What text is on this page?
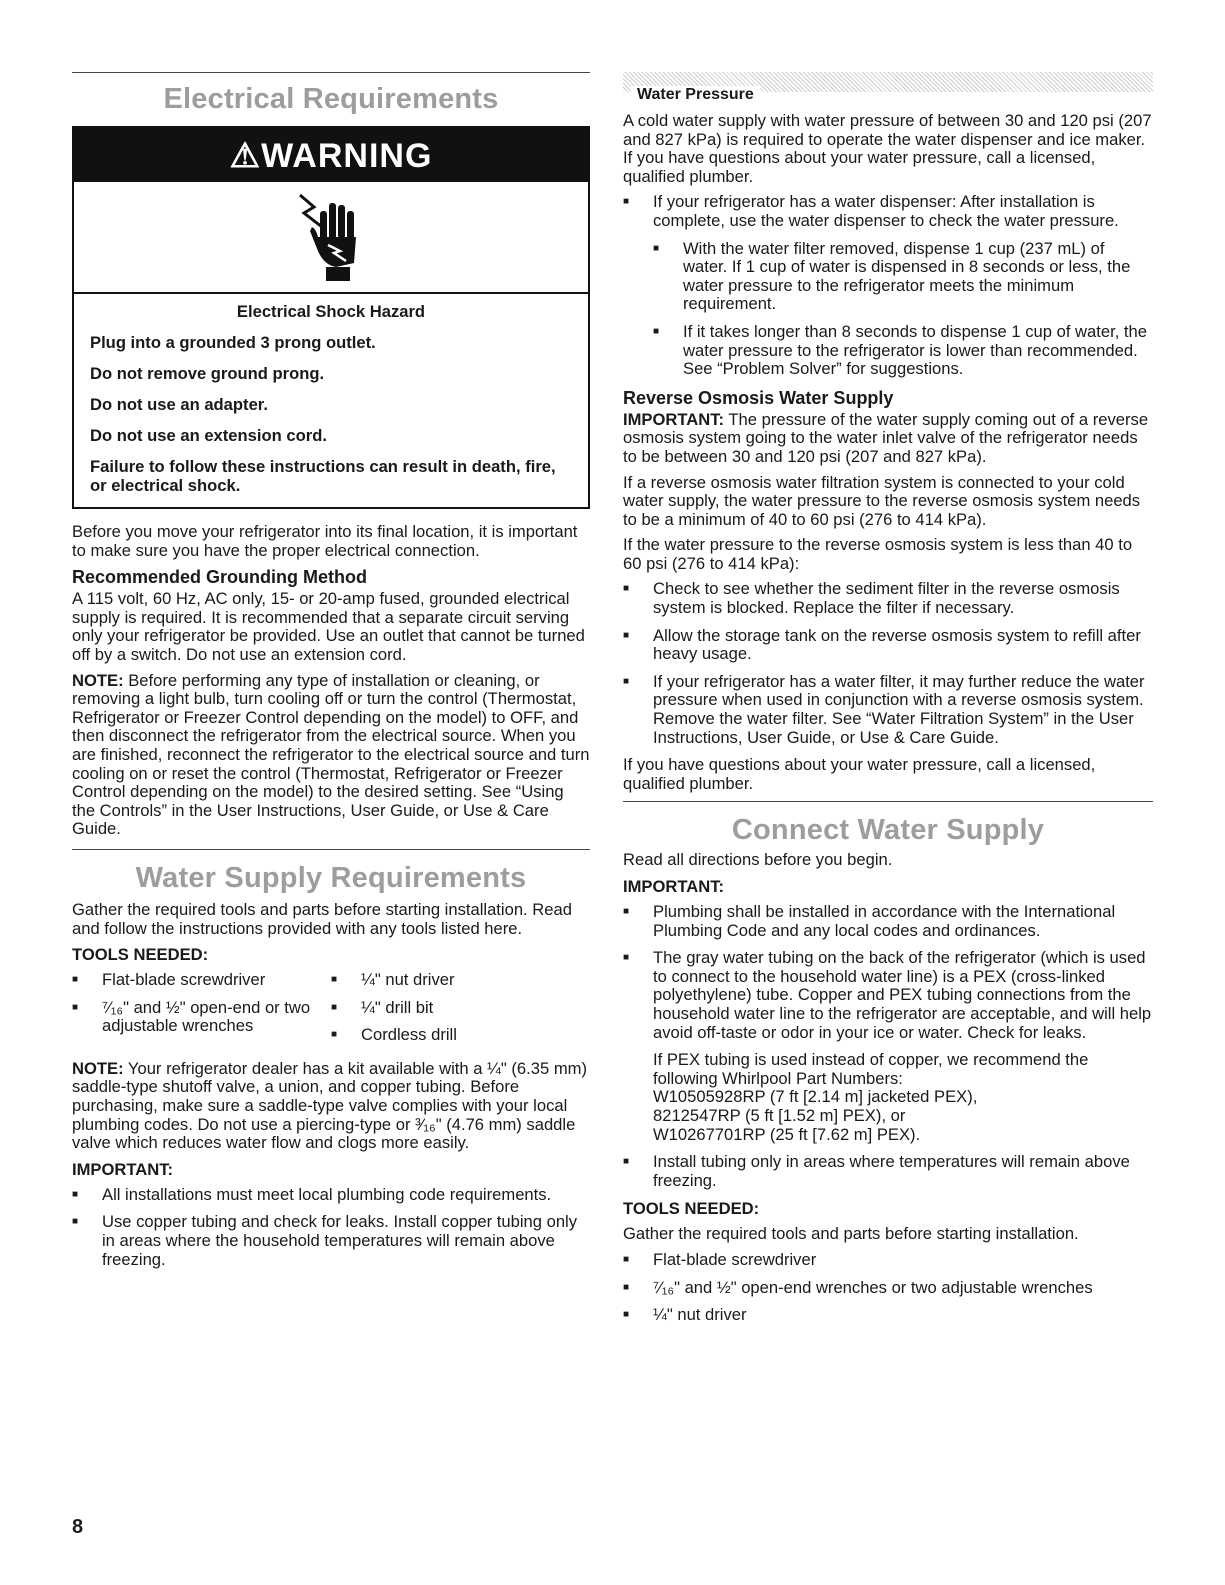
Electrical Requirements
⚠WARNING

Electrical Shock Hazard

Plug into a grounded 3 prong outlet.

Do not remove ground prong.

Do not use an adapter.

Do not use an extension cord.

Failure to follow these instructions can result in death, fire, or electrical shock.

Before you move your refrigerator into its final location, it is important to make sure you have the proper electrical connection.

Recommended Grounding Method

A 115 volt, 60 Hz, AC only, 15- or 20-amp fused, grounded electrical supply is required. It is recommended that a separate circuit serving only your refrigerator be provided. Use an outlet that cannot be turned off by a switch. Do not use an extension cord.

NOTE: Before performing any type of installation or cleaning, or removing a light bulb, turn cooling off or turn the control (Thermostat, Refrigerator or Freezer Control depending on the model) to OFF, and then disconnect the refrigerator from the electrical source. When you are finished, reconnect the refrigerator to the electrical source and turn cooling on or reset the control (Thermostat, Refrigerator or Freezer Control depending on the model) to the desired setting. See “Using the Controls” in the User Instructions, User Guide, or Use & Care Guide.

Water Supply Requirements

Gather the required tools and parts before starting installation. Read and follow the instructions provided with any tools listed here.

TOOLS NEEDED:
■ Flat-blade screwdriver
■ ⁷⁄₁₆" and ½" open-end or two adjustable wrenches
■ ¼" nut driver
■ ¼" drill bit
■ Cordless drill

NOTE: Your refrigerator dealer has a kit available with a ¼" (6.35 mm) saddle-type shutoff valve, a union, and copper tubing. Before purchasing, make sure a saddle-type valve complies with your local plumbing codes. Do not use a piercing-type or ³⁄₁₆" (4.76 mm) saddle valve which reduces water flow and clogs more easily.

IMPORTANT:
■ All installations must meet local plumbing code requirements.
■ Use copper tubing and check for leaks. Install copper tubing only in areas where the household temperatures will remain above freezing.
Water Pressure

A cold water supply with water pressure of between 30 and 120 psi (207 and 827 kPa) is required to operate the water dispenser and ice maker. If you have questions about your water pressure, call a licensed, qualified plumber.

■ If your refrigerator has a water dispenser: After installation is complete, use the water dispenser to check the water pressure.
■ With the water filter removed, dispense 1 cup (237 mL) of water. If 1 cup of water is dispensed in 8 seconds or less, the water pressure to the refrigerator meets the minimum requirement.
■ If it takes longer than 8 seconds to dispense 1 cup of water, the water pressure to the refrigerator is lower than recommended. See “Problem Solver” for suggestions.
Reverse Osmosis Water Supply

IMPORTANT: The pressure of the water supply coming out of a reverse osmosis system going to the water inlet valve of the refrigerator needs to be between 30 and 120 psi (207 and 827 kPa).

If a reverse osmosis water filtration system is connected to your cold water supply, the water pressure to the reverse osmosis system needs to be a minimum of 40 to 60 psi (276 to 414 kPa).

If the water pressure to the reverse osmosis system is less than 40 to 60 psi (276 to 414 kPa):

■ Check to see whether the sediment filter in the reverse osmosis system is blocked. Replace the filter if necessary.
■ Allow the storage tank on the reverse osmosis system to refill after heavy usage.
■ If your refrigerator has a water filter, it may further reduce the water pressure when used in conjunction with a reverse osmosis system. Remove the water filter. See “Water Filtration System” in the User Instructions, User Guide, or Use & Care Guide.

If you have questions about your water pressure, call a licensed, qualified plumber.

Connect Water Supply

Read all directions before you begin.

IMPORTANT:
■ Plumbing shall be installed in accordance with the International Plumbing Code and any local codes and ordinances.
■ The gray water tubing on the back of the refrigerator (which is used to connect to the household water line) is a PEX (cross-linked polyethylene) tube. Copper and PEX tubing connections from the household water line to the refrigerator are acceptable, and will help avoid off-taste or odor in your ice or water. Check for leaks.
If PEX tubing is used instead of copper, we recommend the following Whirlpool Part Numbers:
W10505928RP (7 ft [2.14 m] jacketed PEX),
8212547RP (5 ft [1.52 m] PEX), or
W10267701RP (25 ft [7.62 m] PEX).
■ Install tubing only in areas where temperatures will remain above freezing.
TOOLS NEEDED:

Gather the required tools and parts before starting installation.

■ Flat-blade screwdriver
■ ⁷⁄₁₆" and ½" open-end wrenches or two adjustable wrenches
■ ¼" nut driver
8
